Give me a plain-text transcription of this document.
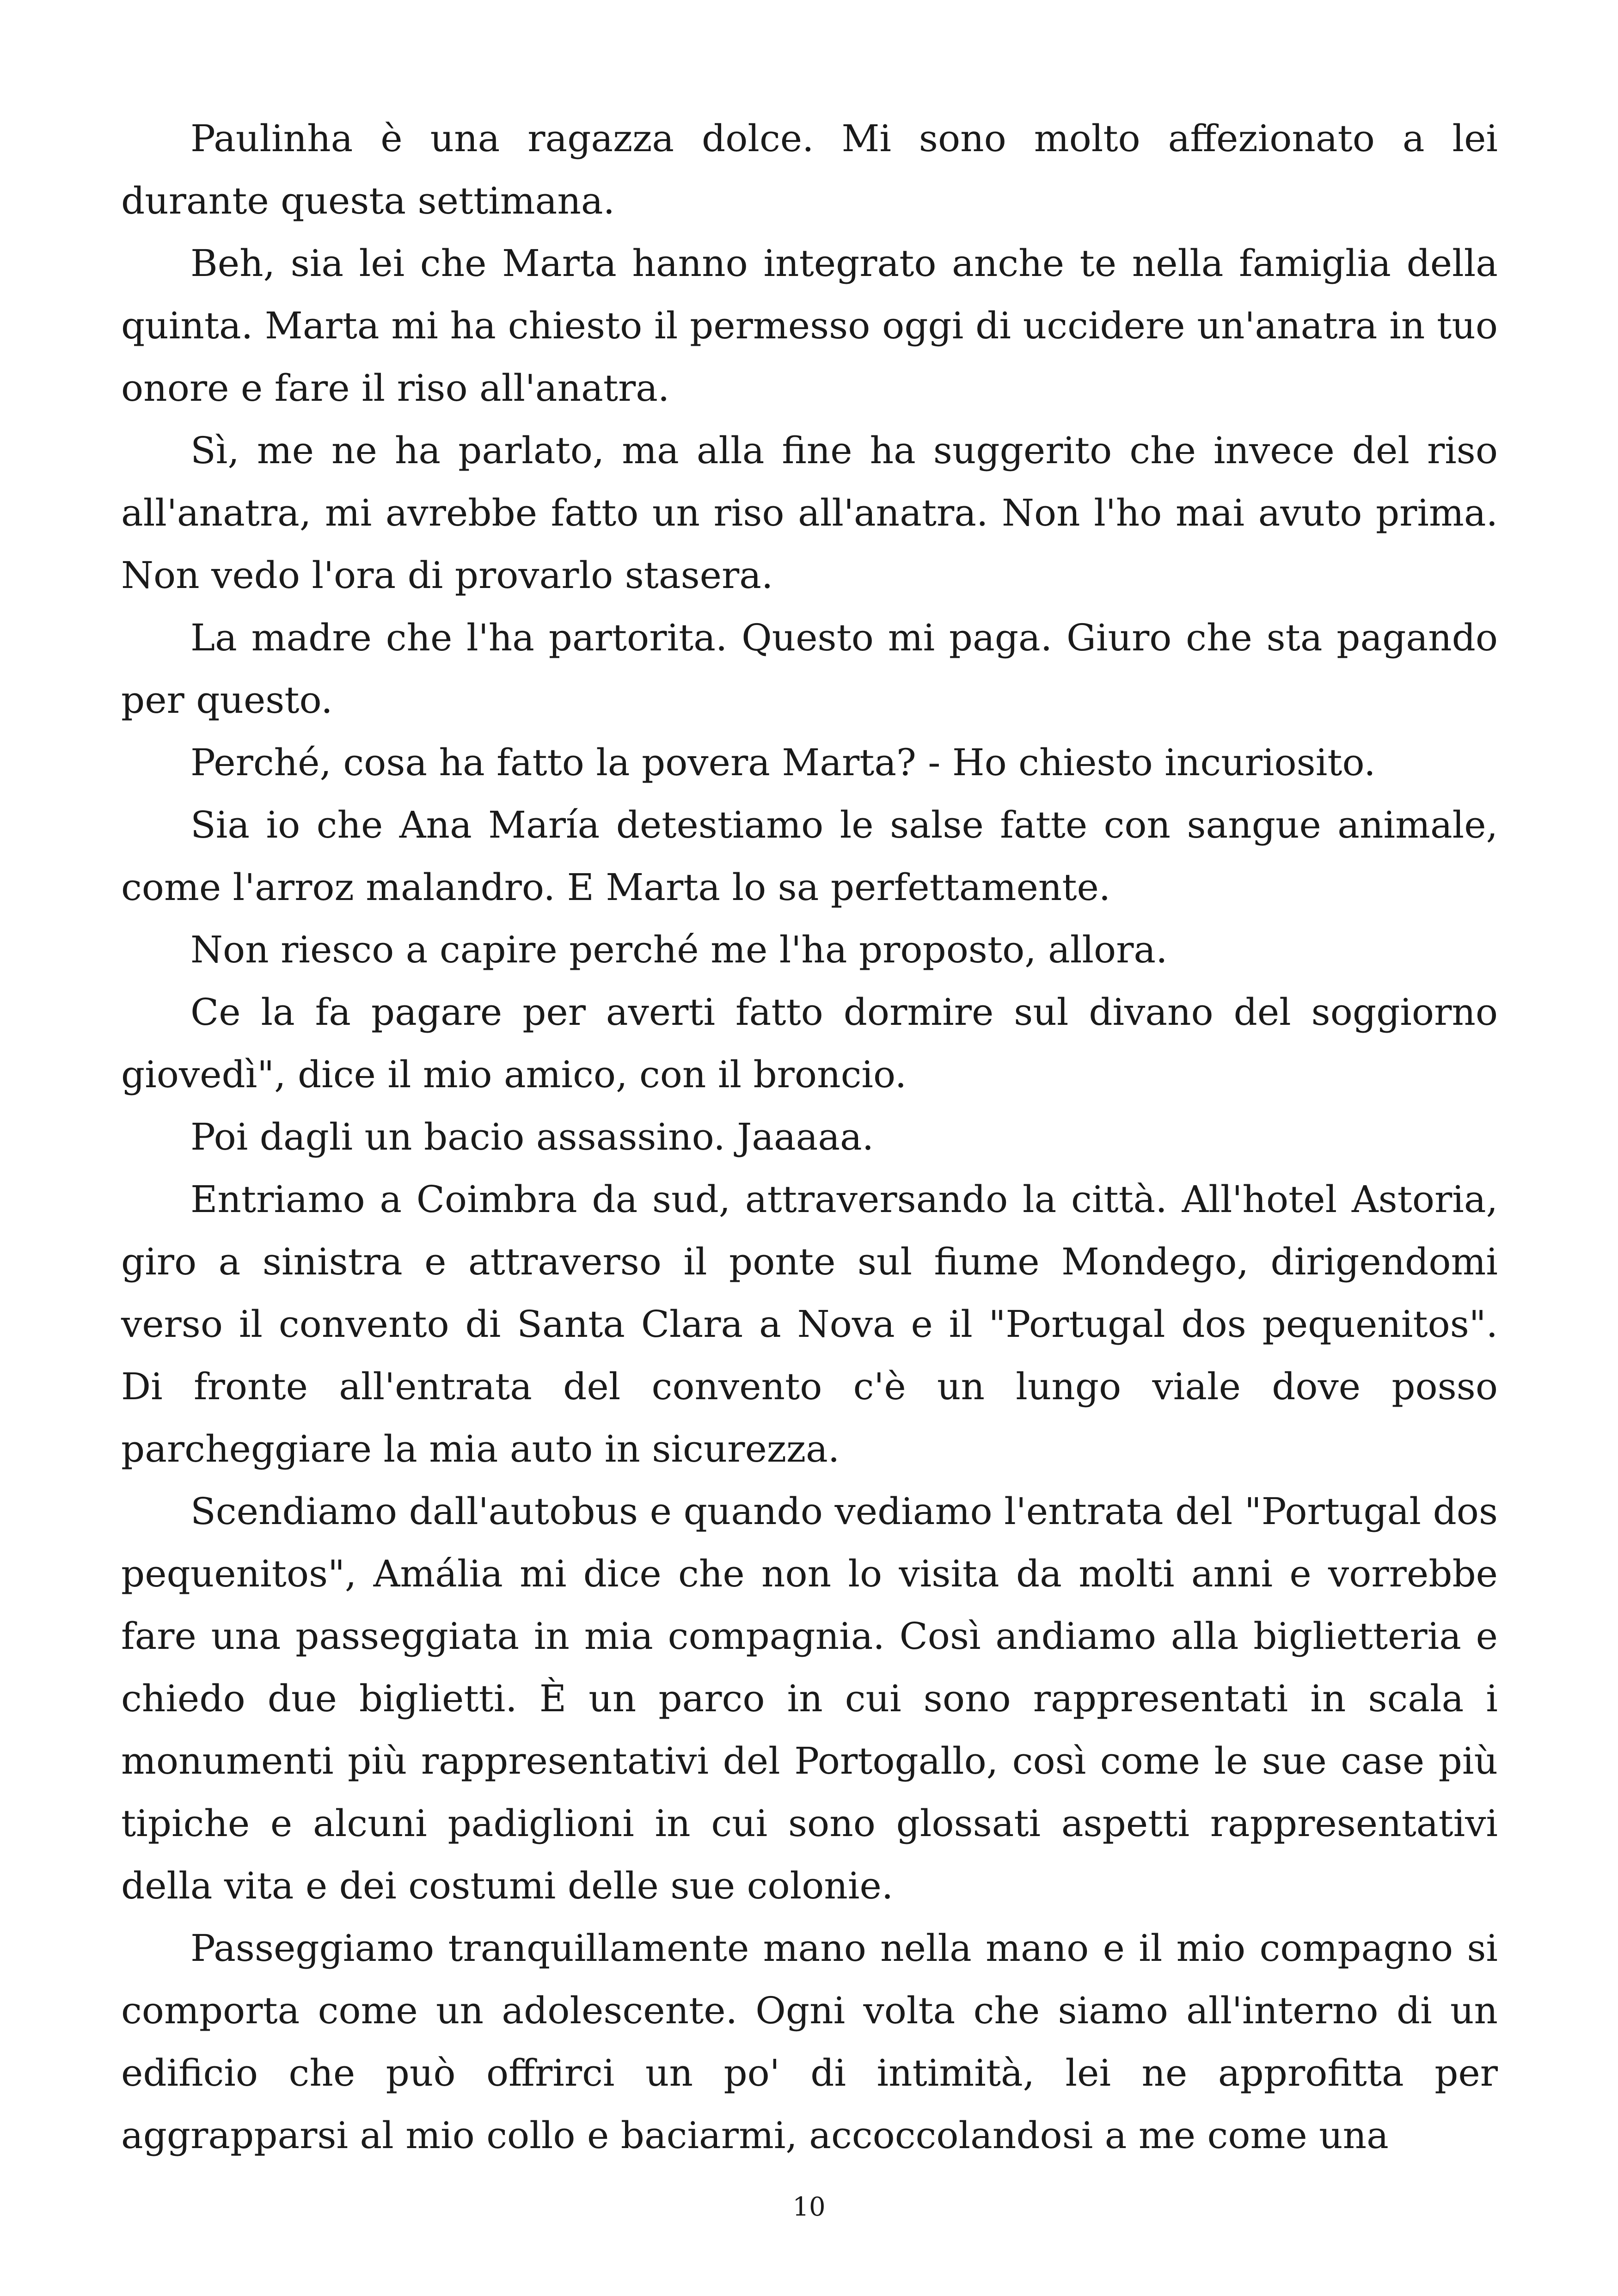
Paulinha è una ragazza dolce. Mi sono molto affezionato a lei durante questa settimana.

Beh, sia lei che Marta hanno integrato anche te nella famiglia della quinta. Marta mi ha chiesto il permesso oggi di uccidere un'anatra in tuo onore e fare il riso all'anatra.

Sì, me ne ha parlato, ma alla fine ha suggerito che invece del riso all'anatra, mi avrebbe fatto un riso all'anatra. Non l'ho mai avuto prima. Non vedo l'ora di provarlo stasera.

La madre che l'ha partorita. Questo mi paga. Giuro che sta pagando per questo.

Perché, cosa ha fatto la povera Marta? - Ho chiesto incuriosito.

Sia io che Ana María detestiamo le salse fatte con sangue animale, come l'arroz malandro. E Marta lo sa perfettamente.

Non riesco a capire perché me l'ha proposto, allora.

Ce la fa pagare per averti fatto dormire sul divano del soggiorno giovedì", dice il mio amico, con il broncio.

Poi dagli un bacio assassino. Jaaaaa.

Entriamo a Coimbra da sud, attraversando la città. All'hotel Astoria, giro a sinistra e attraverso il ponte sul fiume Mondego, dirigendomi verso il convento di Santa Clara a Nova e il "Portugal dos pequenitos". Di fronte all'entrata del convento c'è un lungo viale dove posso parcheggiare la mia auto in sicurezza.

Scendiamo dall'autobus e quando vediamo l'entrata del "Portugal dos pequenitos", Amália mi dice che non lo visita da molti anni e vorrebbe fare una passeggiata in mia compagnia. Così andiamo alla biglietteria e chiedo due biglietti. È un parco in cui sono rappresentati in scala i monumenti più rappresentativi del Portogallo, così come le sue case più tipiche e alcuni padiglioni in cui sono glossati aspetti rappresentativi della vita e dei costumi delle sue colonie.

Passeggiamo tranquillamente mano nella mano e il mio compagno si comporta come un adolescente. Ogni volta che siamo all'interno di un edificio che può offrirci un po' di intimità, lei ne approfitta per aggrapparsi al mio collo e baciarmi, accoccolandosi a me come una

10
